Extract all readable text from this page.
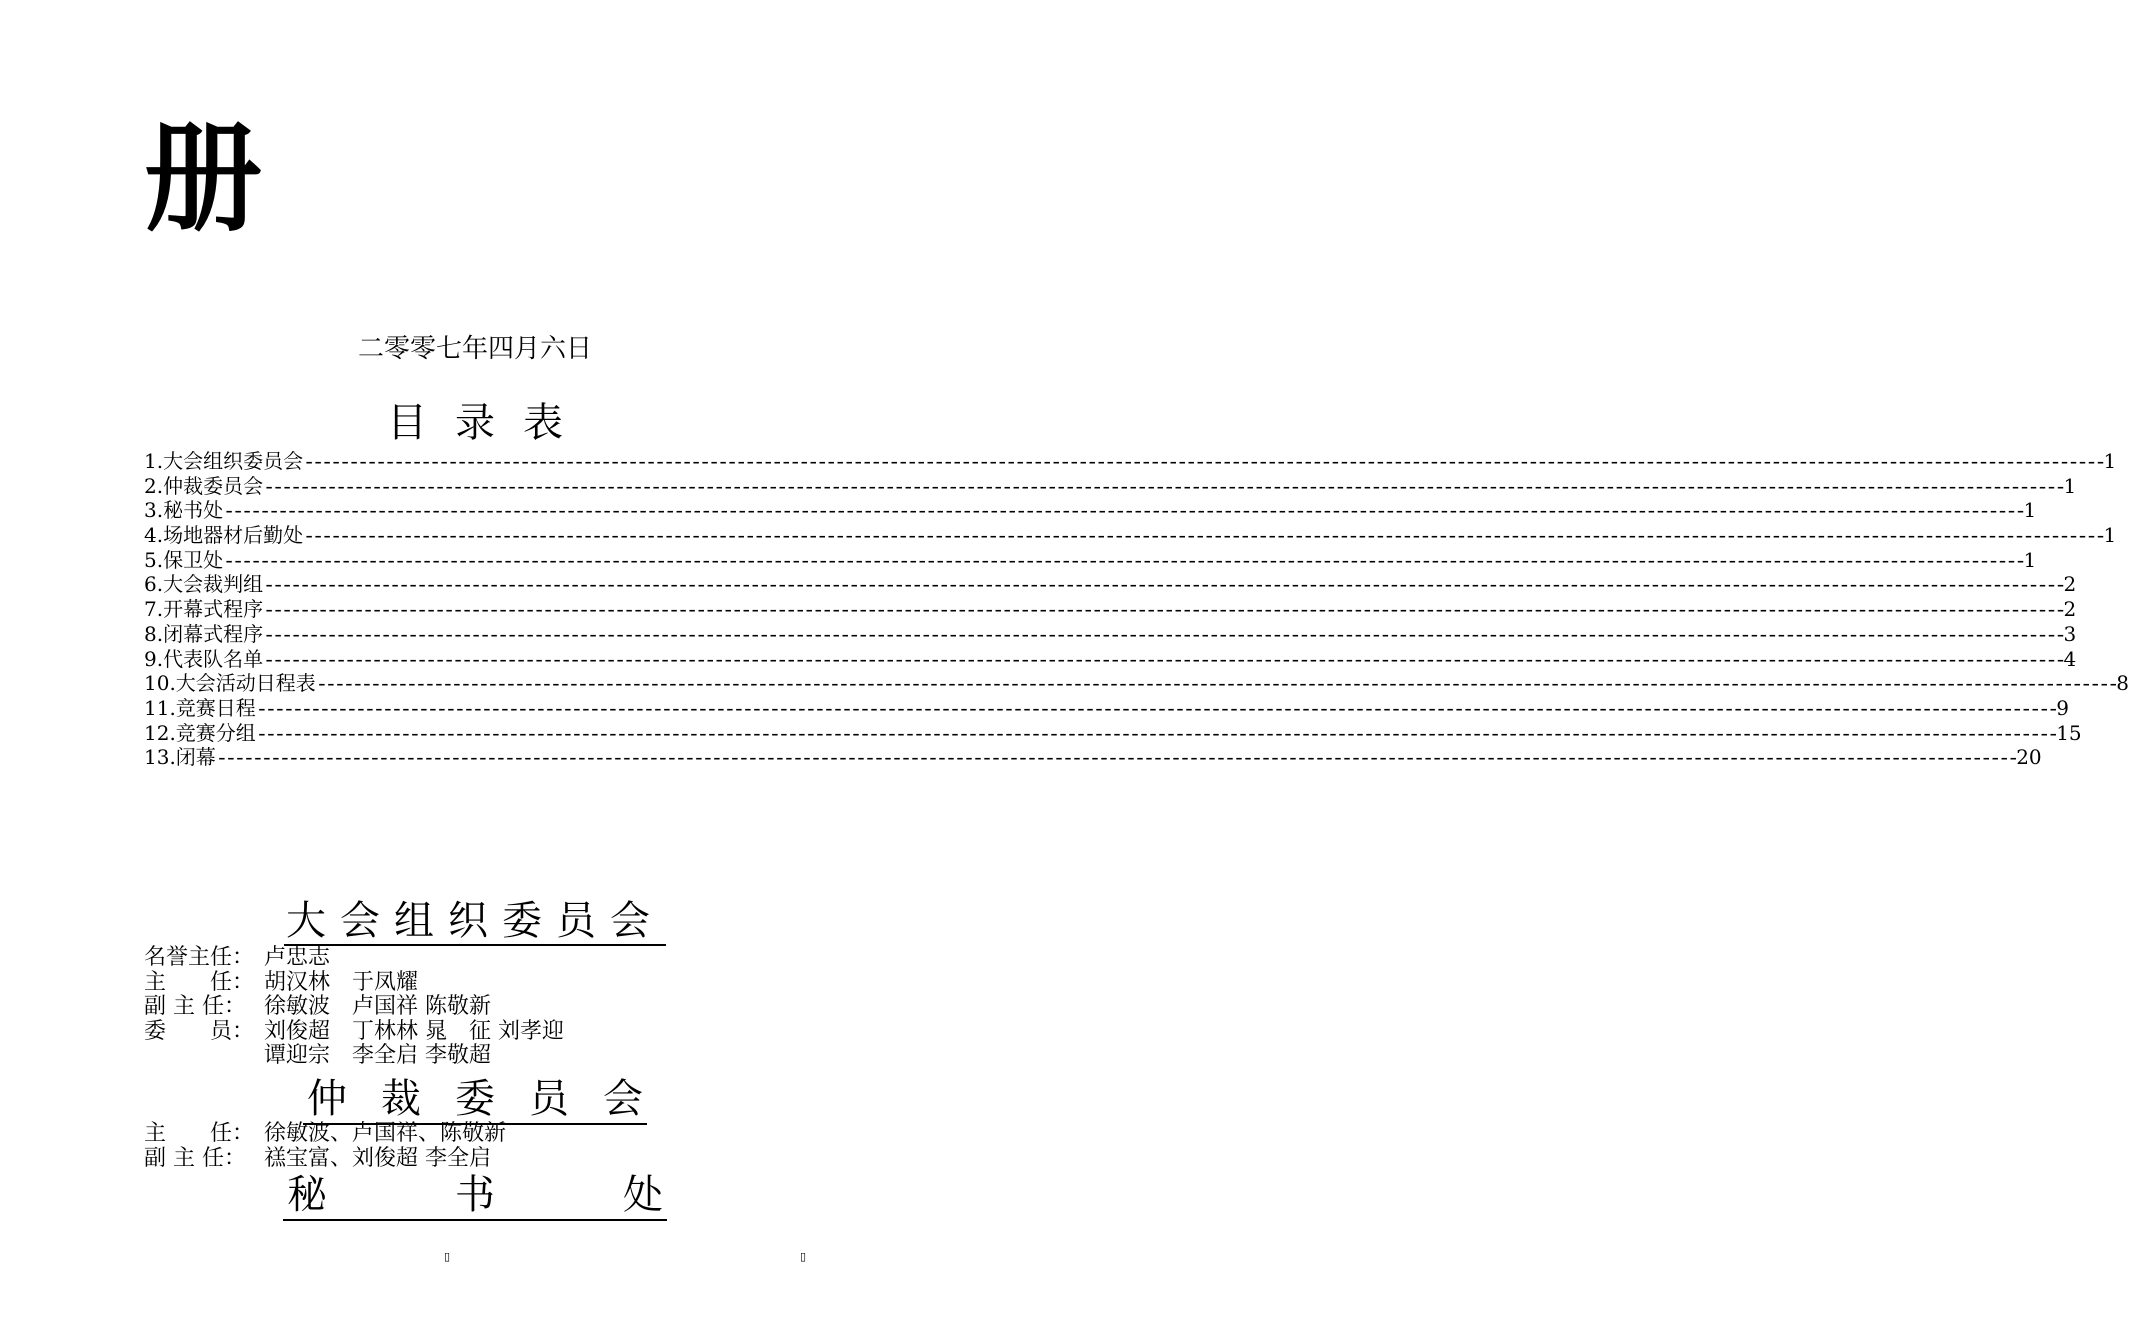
册
二零零七年四月六日
目录表
1.大会组织委员会 -------------------------------------------------------------------------------------------------------------------------------------------------------------------------------------------------------- 1
2.仲裁委员会 -------------------------------------------------------------------------------------------------------------------------------------------------------------------------------------------------------- 1
3.秘书处 -------------------------------------------------------------------------------------------------------------------------------------------------------------------------------------------------------- 1
4.场地器材后勤处 -------------------------------------------------------------------------------------------------------------------------------------------------------------------------------------------------------- 1
5.保卫处 -------------------------------------------------------------------------------------------------------------------------------------------------------------------------------------------------------- 1
6.大会裁判组 -------------------------------------------------------------------------------------------------------------------------------------------------------------------------------------------------------- 2
7.开幕式程序 -------------------------------------------------------------------------------------------------------------------------------------------------------------------------------------------------------- 2
8.闭幕式程序 -------------------------------------------------------------------------------------------------------------------------------------------------------------------------------------------------------- 3
9.代表队名单 -------------------------------------------------------------------------------------------------------------------------------------------------------------------------------------------------------- 4
10.大会活动日程表 -------------------------------------------------------------------------------------------------------------------------------------------------------------------------------------------------------- 8
11.竞赛日程 -------------------------------------------------------------------------------------------------------------------------------------------------------------------------------------------------------- 9
12.竞赛分组 -------------------------------------------------------------------------------------------------------------------------------------------------------------------------------------------------------- 15
13.闭幕 -------------------------------------------------------------------------------------------------------------------------------------------------------------------------------------------------------- 20
大会组织委员会
名誉主任： 卢忠志
主　　任： 胡汉林　于凤耀
副 主 任： 徐敏波　卢国祥 陈敬新
委　　员： 刘俊超　丁林林 晁　征 刘孝迎
谭迎宗　李全启 李敬超
仲 裁 委 员 会
主　　任： 徐敏波、卢国祥、陈敬新
副 主 任： 禚宝富、刘俊超 李全启
秘	书	处
▯	▯
